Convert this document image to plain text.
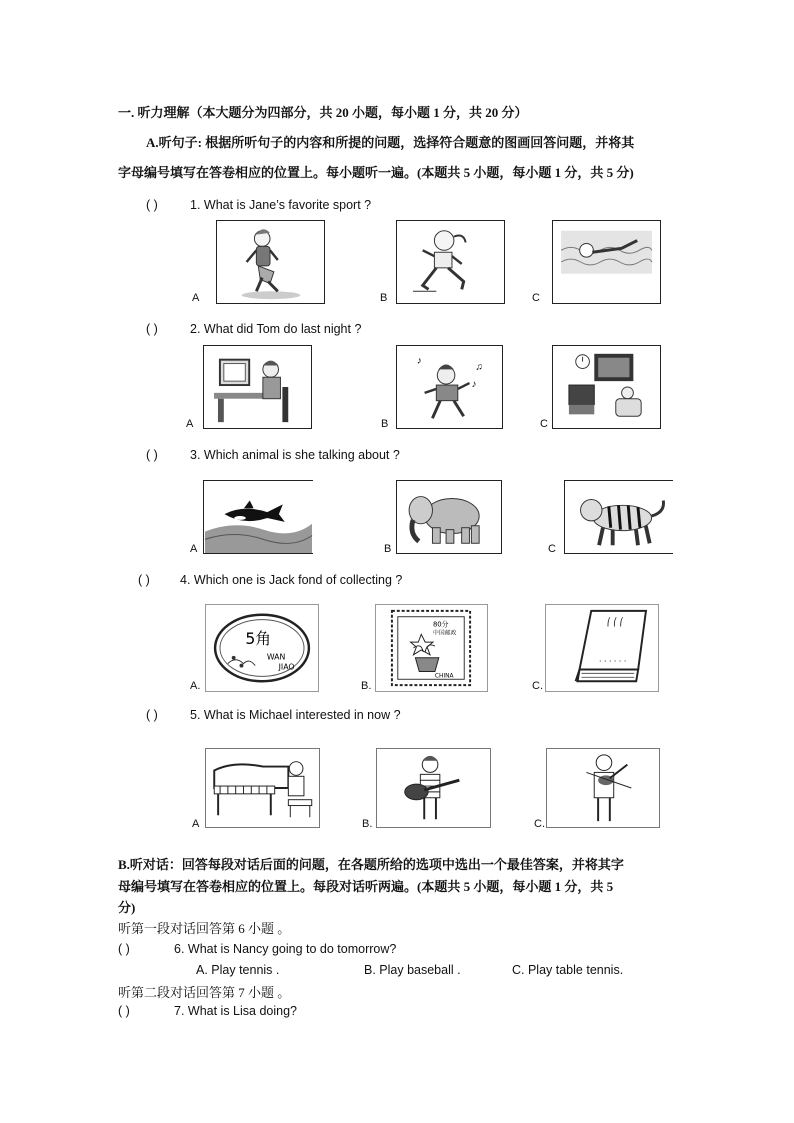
一. 听力理解（本大题分为四部分，共 20 小题，每小题 1 分，共 20 分）
A.听句子: 根据所听句子的内容和所提的问题，选择符合题意的图画回答问题，并将其
字母编号填写在答卷相应的位置上。每小题听一遍。(本题共 5 小题，每小题 1 分，共 5 分)
( )	1. What is Jane’s favorite sport ?
A	B	C
( )	2. What did Tom do last night ?
A
♪
♪
♫
B	C
( )	3. Which animal is she talking about ?
A	B	C
( ) 4. Which one is Jack fond of collecting ?
5角
WAN
JIAO
A.
80分
中国邮政
CHINA
B.
⎛ ⎛ ⎛
. . . . . .
C.
( )	5. What is Michael interested in now ?
A	B.	C.
B.听对话：回答每段对话后面的问题，在各题所给的选项中选出一个最佳答案，并将其字
母编号填写在答卷相应的位置上。每段对话听两遍。(本题共 5 小题，每小题 1 分，共 5
分)
听第一段对话回答第 6 小题 。
( )	6. What is Nancy going to do tomorrow?
A. Play tennis .	B. Play baseball .	C. Play table tennis.
听第二段对话回答第 7 小题 。
( )	7. What is Lisa doing?
